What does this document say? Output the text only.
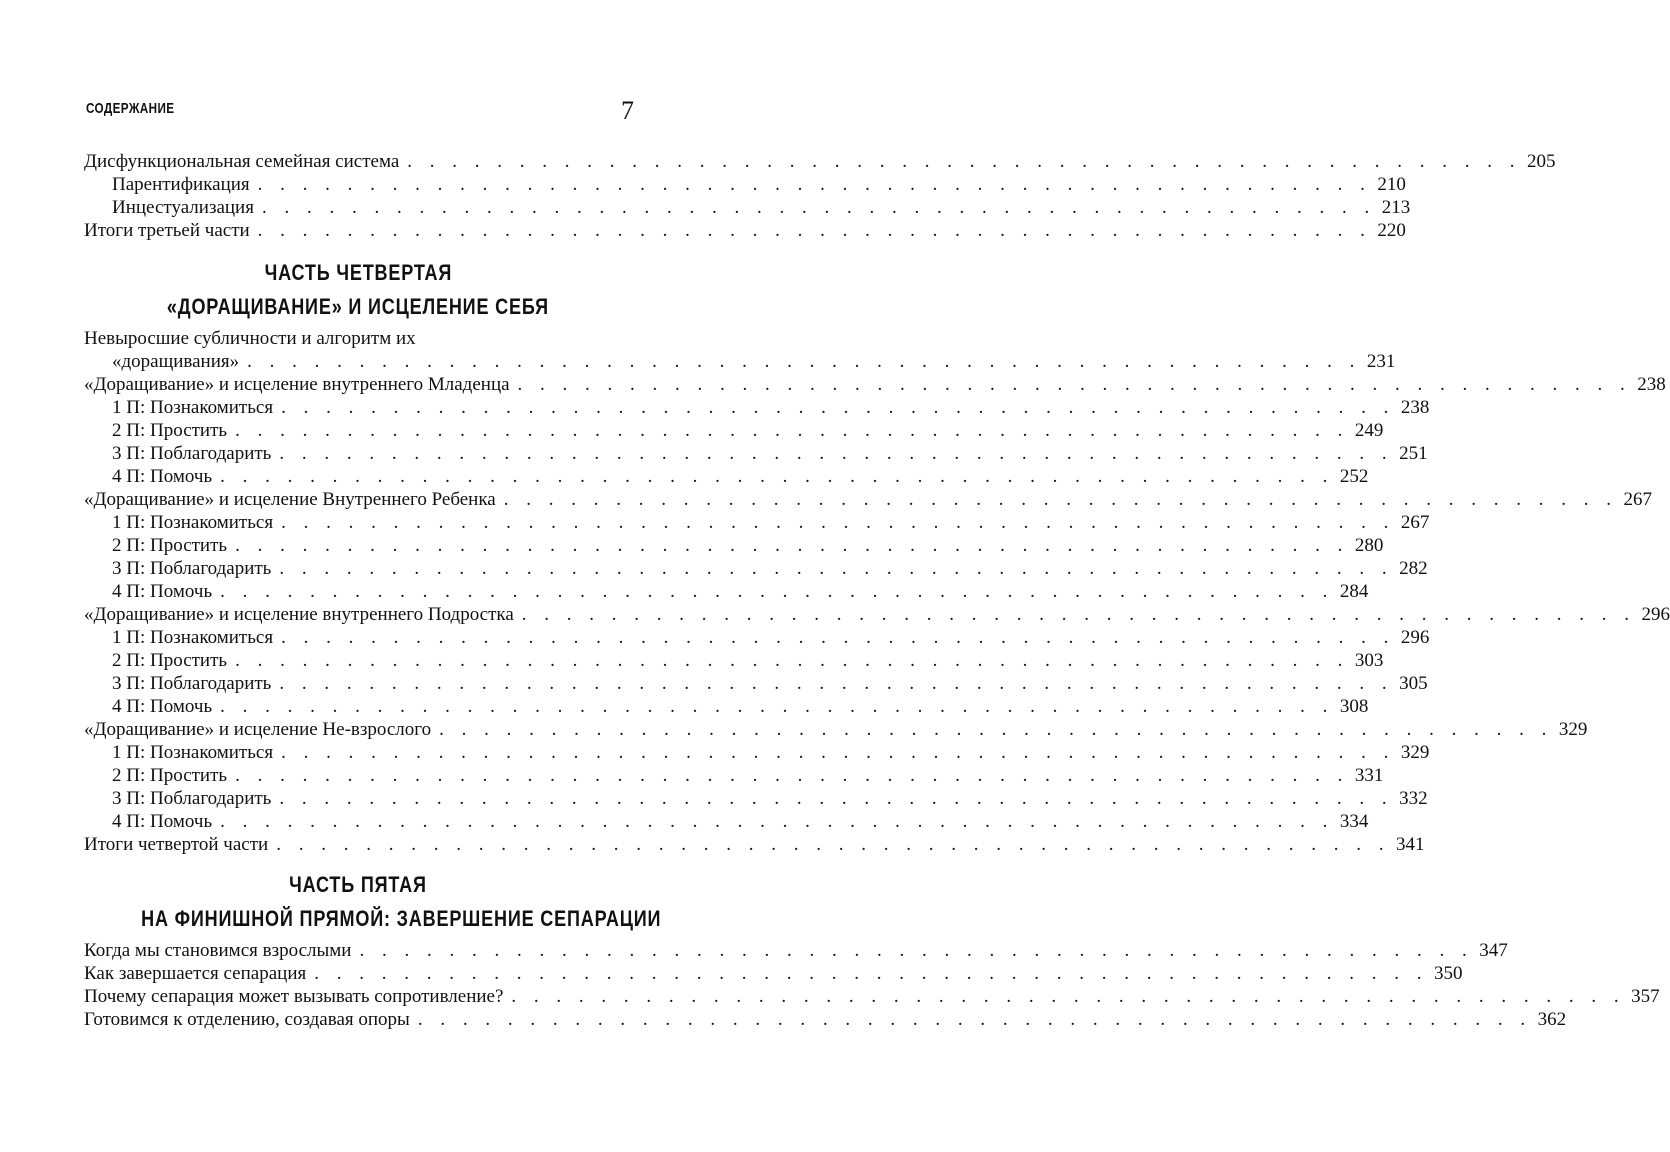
СОДЕРЖАНИЕ	7
Дисфункциональная семейная система . . . . . . . . . . . . . . . . . . . . . . . . . . . . . . . . . . . . . . . . . . . . . . . . . . 205
Парентификация . . . . . . . . . . . . . . . . . . . . . . . . . . . . . . . . . . . . . . . . . . . . . . . . . . 210
Инцестуализация . . . . . . . . . . . . . . . . . . . . . . . . . . . . . . . . . . . . . . . . . . . . . . . . . . 213
Итоги третьей части . . . . . . . . . . . . . . . . . . . . . . . . . . . . . . . . . . . . . . . . . . . . . . . . . . 220
ЧАСТЬ ЧЕТВЕРТАЯ
«ДОРАЩИВАНИЕ» И ИСЦЕЛЕНИЕ СЕБЯ
Невыросшие субличности и алгоритм их
«доращивания» . . . . . . . . . . . . . . . . . . . . . . . . . . . . . . . . . . . . . . . . . . . . . . . . . . 231
«Доращивание» и исцеление внутреннего Младенца . . . . . . . . . . . . . . . . . . . . . . . . . . . . . . . . . . . . . . . . . . . . . . . . . . 238
1 П: Познакомиться . . . . . . . . . . . . . . . . . . . . . . . . . . . . . . . . . . . . . . . . . . . . . . . . . . 238
2 П: Простить . . . . . . . . . . . . . . . . . . . . . . . . . . . . . . . . . . . . . . . . . . . . . . . . . . 249
3 П: Поблагодарить . . . . . . . . . . . . . . . . . . . . . . . . . . . . . . . . . . . . . . . . . . . . . . . . . . 251
4 П: Помочь . . . . . . . . . . . . . . . . . . . . . . . . . . . . . . . . . . . . . . . . . . . . . . . . . . 252
«Доращивание» и исцеление Внутреннего Ребенка . . . . . . . . . . . . . . . . . . . . . . . . . . . . . . . . . . . . . . . . . . . . . . . . . . 267
1 П: Познакомиться . . . . . . . . . . . . . . . . . . . . . . . . . . . . . . . . . . . . . . . . . . . . . . . . . . 267
2 П: Простить . . . . . . . . . . . . . . . . . . . . . . . . . . . . . . . . . . . . . . . . . . . . . . . . . . 280
3 П: Поблагодарить . . . . . . . . . . . . . . . . . . . . . . . . . . . . . . . . . . . . . . . . . . . . . . . . . . 282
4 П: Помочь . . . . . . . . . . . . . . . . . . . . . . . . . . . . . . . . . . . . . . . . . . . . . . . . . . 284
«Доращивание» и исцеление внутреннего Подростка . . . . . . . . . . . . . . . . . . . . . . . . . . . . . . . . . . . . . . . . . . . . . . . . . . 296
1 П: Познакомиться . . . . . . . . . . . . . . . . . . . . . . . . . . . . . . . . . . . . . . . . . . . . . . . . . . 296
2 П: Простить . . . . . . . . . . . . . . . . . . . . . . . . . . . . . . . . . . . . . . . . . . . . . . . . . . 303
3 П: Поблагодарить . . . . . . . . . . . . . . . . . . . . . . . . . . . . . . . . . . . . . . . . . . . . . . . . . . 305
4 П: Помочь . . . . . . . . . . . . . . . . . . . . . . . . . . . . . . . . . . . . . . . . . . . . . . . . . . 308
«Доращивание» и исцеление Не-взрослого . . . . . . . . . . . . . . . . . . . . . . . . . . . . . . . . . . . . . . . . . . . . . . . . . . 329
1 П: Познакомиться . . . . . . . . . . . . . . . . . . . . . . . . . . . . . . . . . . . . . . . . . . . . . . . . . . 329
2 П: Простить . . . . . . . . . . . . . . . . . . . . . . . . . . . . . . . . . . . . . . . . . . . . . . . . . . 331
3 П: Поблагодарить . . . . . . . . . . . . . . . . . . . . . . . . . . . . . . . . . . . . . . . . . . . . . . . . . . 332
4 П: Помочь . . . . . . . . . . . . . . . . . . . . . . . . . . . . . . . . . . . . . . . . . . . . . . . . . . 334
Итоги четвертой части . . . . . . . . . . . . . . . . . . . . . . . . . . . . . . . . . . . . . . . . . . . . . . . . . . 341
ЧАСТЬ ПЯТАЯ
НА ФИНИШНОЙ ПРЯМОЙ: ЗАВЕРШЕНИЕ СЕПАРАЦИИ
Когда мы становимся взрослыми . . . . . . . . . . . . . . . . . . . . . . . . . . . . . . . . . . . . . . . . . . . . . . . . . . 347
Как завершается сепарация . . . . . . . . . . . . . . . . . . . . . . . . . . . . . . . . . . . . . . . . . . . . . . . . . . 350
Почему сепарация может вызывать сопротивление? . . . . . . . . . . . . . . . . . . . . . . . . . . . . . . . . . . . . . . . . . . . . . . . . . . 357
Готовимся к отделению, создавая опоры . . . . . . . . . . . . . . . . . . . . . . . . . . . . . . . . . . . . . . . . . . . . . . . . . . 362
